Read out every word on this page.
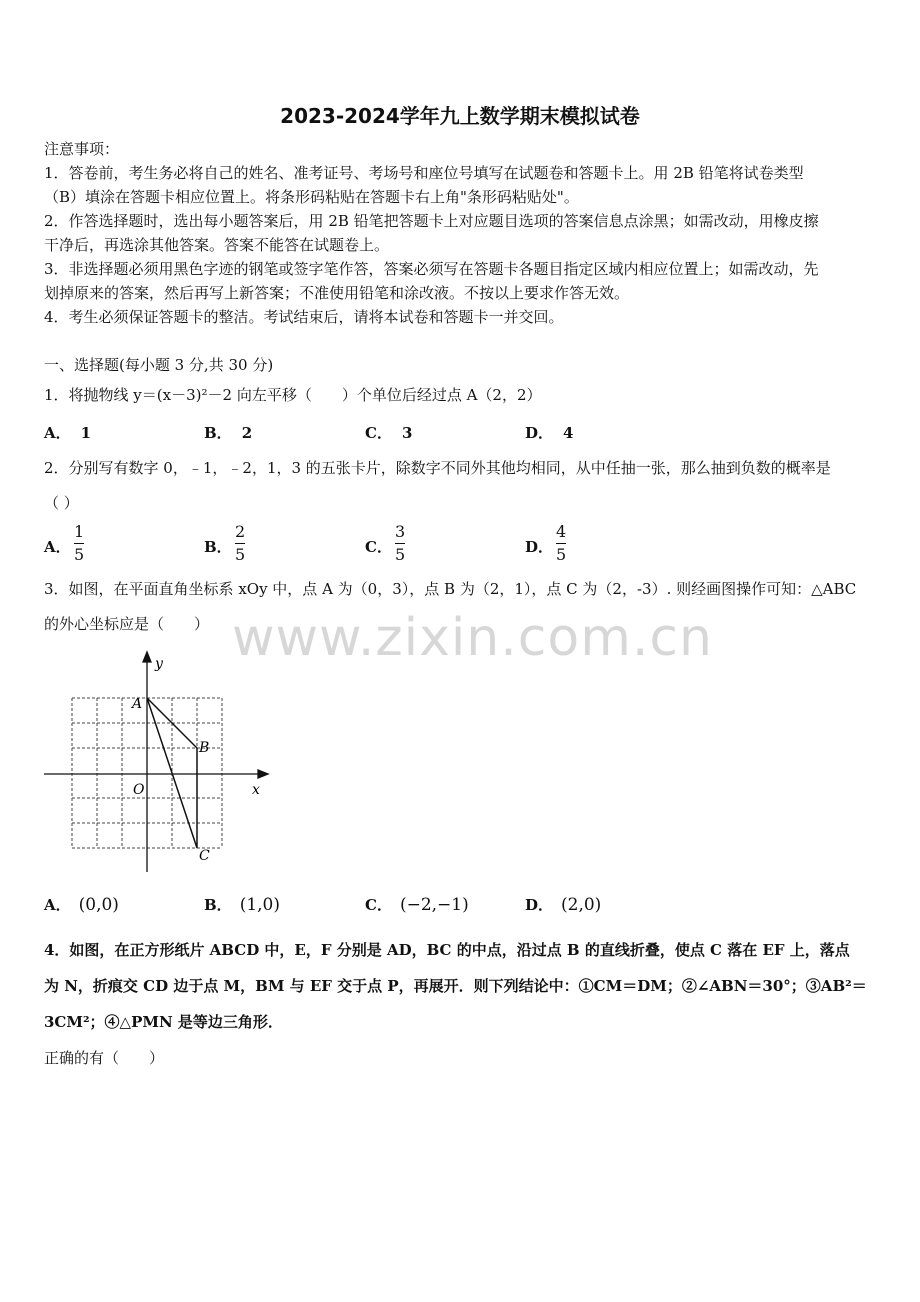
2023-2024学年九上数学期末模拟试卷
注意事项：
1．答卷前，考生务必将自己的姓名、准考证号、考场号和座位号填写在试题卷和答题卡上。用 2B 铅笔将试卷类型
（B）填涂在答题卡相应位置上。将条形码粘贴在答题卡右上角"条形码粘贴处"。
2．作答选择题时，选出每小题答案后，用 2B 铅笔把答题卡上对应题目选项的答案信息点涂黑；如需改动，用橡皮擦
干净后，再选涂其他答案。答案不能答在试题卷上。
3．非选择题必须用黑色字迹的钢笔或签字笔作答，答案必须写在答题卡各题目指定区域内相应位置上；如需改动，先
划掉原来的答案，然后再写上新答案；不准使用铅笔和涂改液。不按以上要求作答无效。
4．考生必须保证答题卡的整洁。考试结束后，请将本试卷和答题卡一并交回。
一、选择题(每小题 3 分,共 30 分)
1．将抛物线 y＝(x－3)²－2 向左平移（　　）个单位后经过点 A（2，2）
A． 1	B． 2	C． 3	D． 4
2．分别写有数字 0，﹣1，﹣2，1，3 的五张卡片，除数字不同外其他均相同，从中任抽一张，那么抽到负数的概率是
（ ）
A．
1
5	B．
2
5	C．
3
5	D．
4
5
3．如图，在平面直角坐标系 xOy 中，点 A 为（0，3），点 B 为（2，1），点 C 为（2，-3）. 则经画图操作可知：△ABC
的外心坐标应是（　　） www.zixin.com.cn
y
x
O
A
B
C
A． (0,0)	B． (1,0)	C． (−2,−1)	D． (2,0)
4．如图，在正方形纸片 ABCD 中，E，F 分别是 AD，BC 的中点，沿过点 B 的直线折叠，使点 C 落在 EF 上，落点
为 N，折痕交 CD 边于点 M，BM 与 EF 交于点 P，再展开．则下列结论中：①CM＝DM；②∠ABN＝30°；③AB²＝
3CM²；④△PMN 是等边三角形．
正确的有（　　）
